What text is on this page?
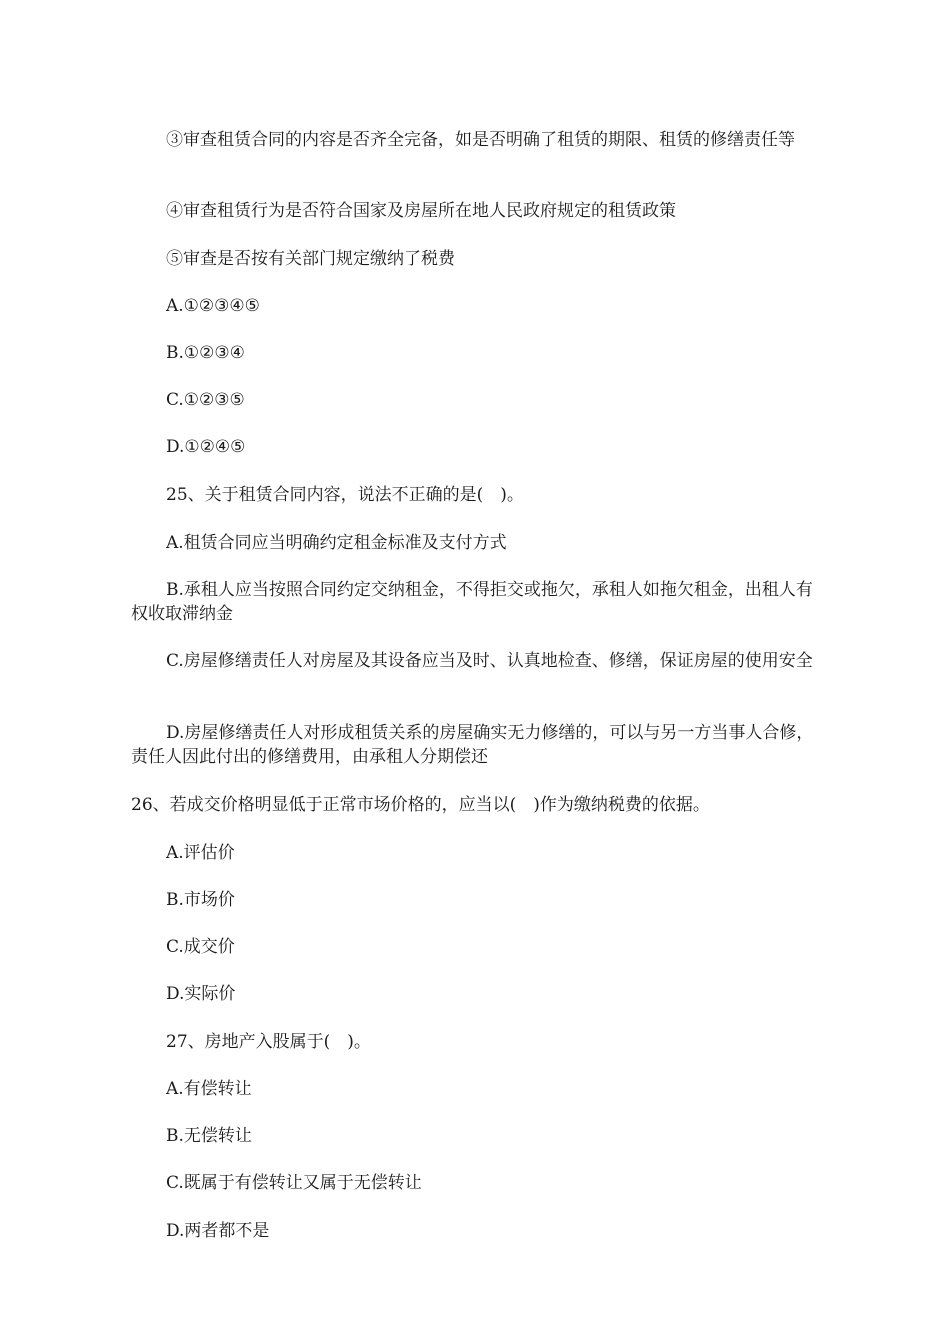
③审查租赁合同的内容是否齐全完备，如是否明确了租赁的期限、租赁的修缮责任等

④审查租赁行为是否符合国家及房屋所在地人民政府规定的租赁政策

⑤审查是否按有关部门规定缴纳了税费

A.①②③④⑤

B.①②③④

C.①②③⑤

D.①②④⑤

25、关于租赁合同内容，说法不正确的是(　)。

A.租赁合同应当明确约定租金标准及支付方式

B.承租人应当按照合同约定交纳租金，不得拒交或拖欠，承租人如拖欠租金，出租人有权收取滞纳金

C.房屋修缮责任人对房屋及其设备应当及时、认真地检查、修缮，保证房屋的使用安全

D.房屋修缮责任人对形成租赁关系的房屋确实无力修缮的，可以与另一方当事人合修，责任人因此付出的修缮费用，由承租人分期偿还

26、若成交价格明显低于正常市场价格的，应当以(　)作为缴纳税费的依据。

A.评估价

B.市场价

C.成交价

D.实际价

27、房地产入股属于(　)。

A.有偿转让

B.无偿转让

C.既属于有偿转让又属于无偿转让

D.两者都不是
